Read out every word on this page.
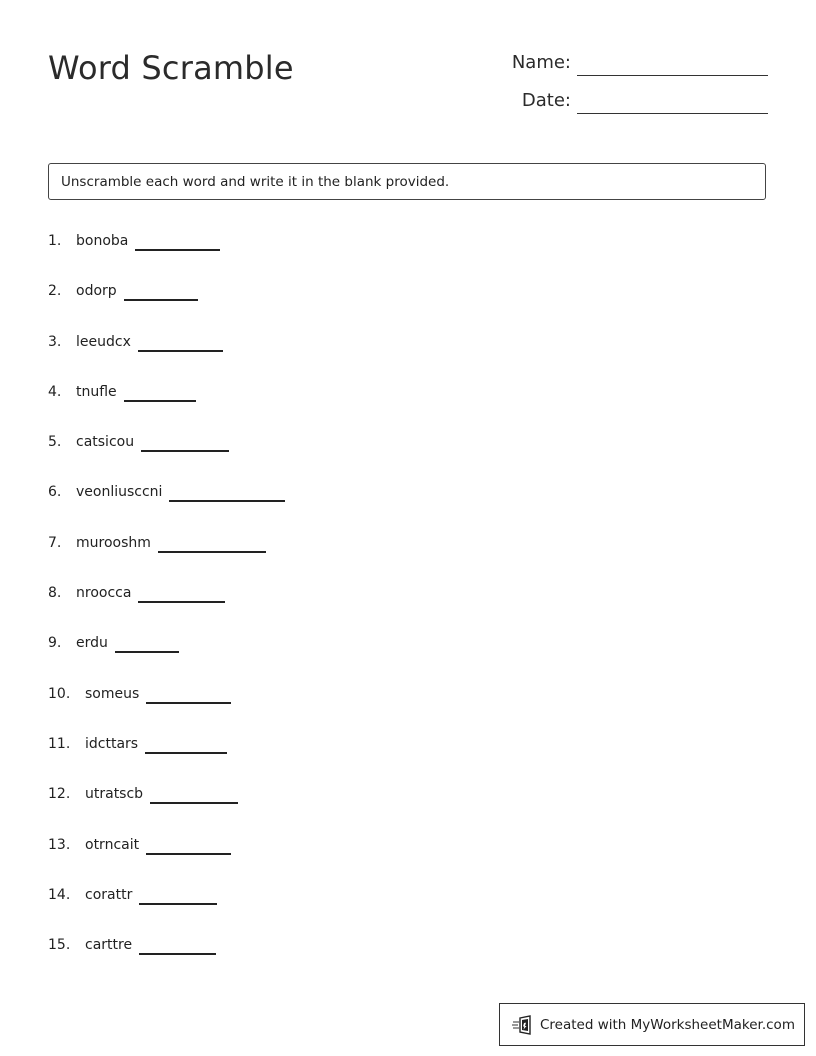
Word Scramble	Name:
Date:
Unscramble each word and write it in the blank provided.
1.	bonoba
2.	odorp
3.	leeudcx
4.	tnufle
5.	catsicou
6.	veonliusccni
7.	murooshm
8.	nroocca
9.	erdu
10.	someus
11.	idcttars
12.	utratscb
13.	otrncait
14.	corattr
15.	carttre
Created with MyWorksheetMaker.com
